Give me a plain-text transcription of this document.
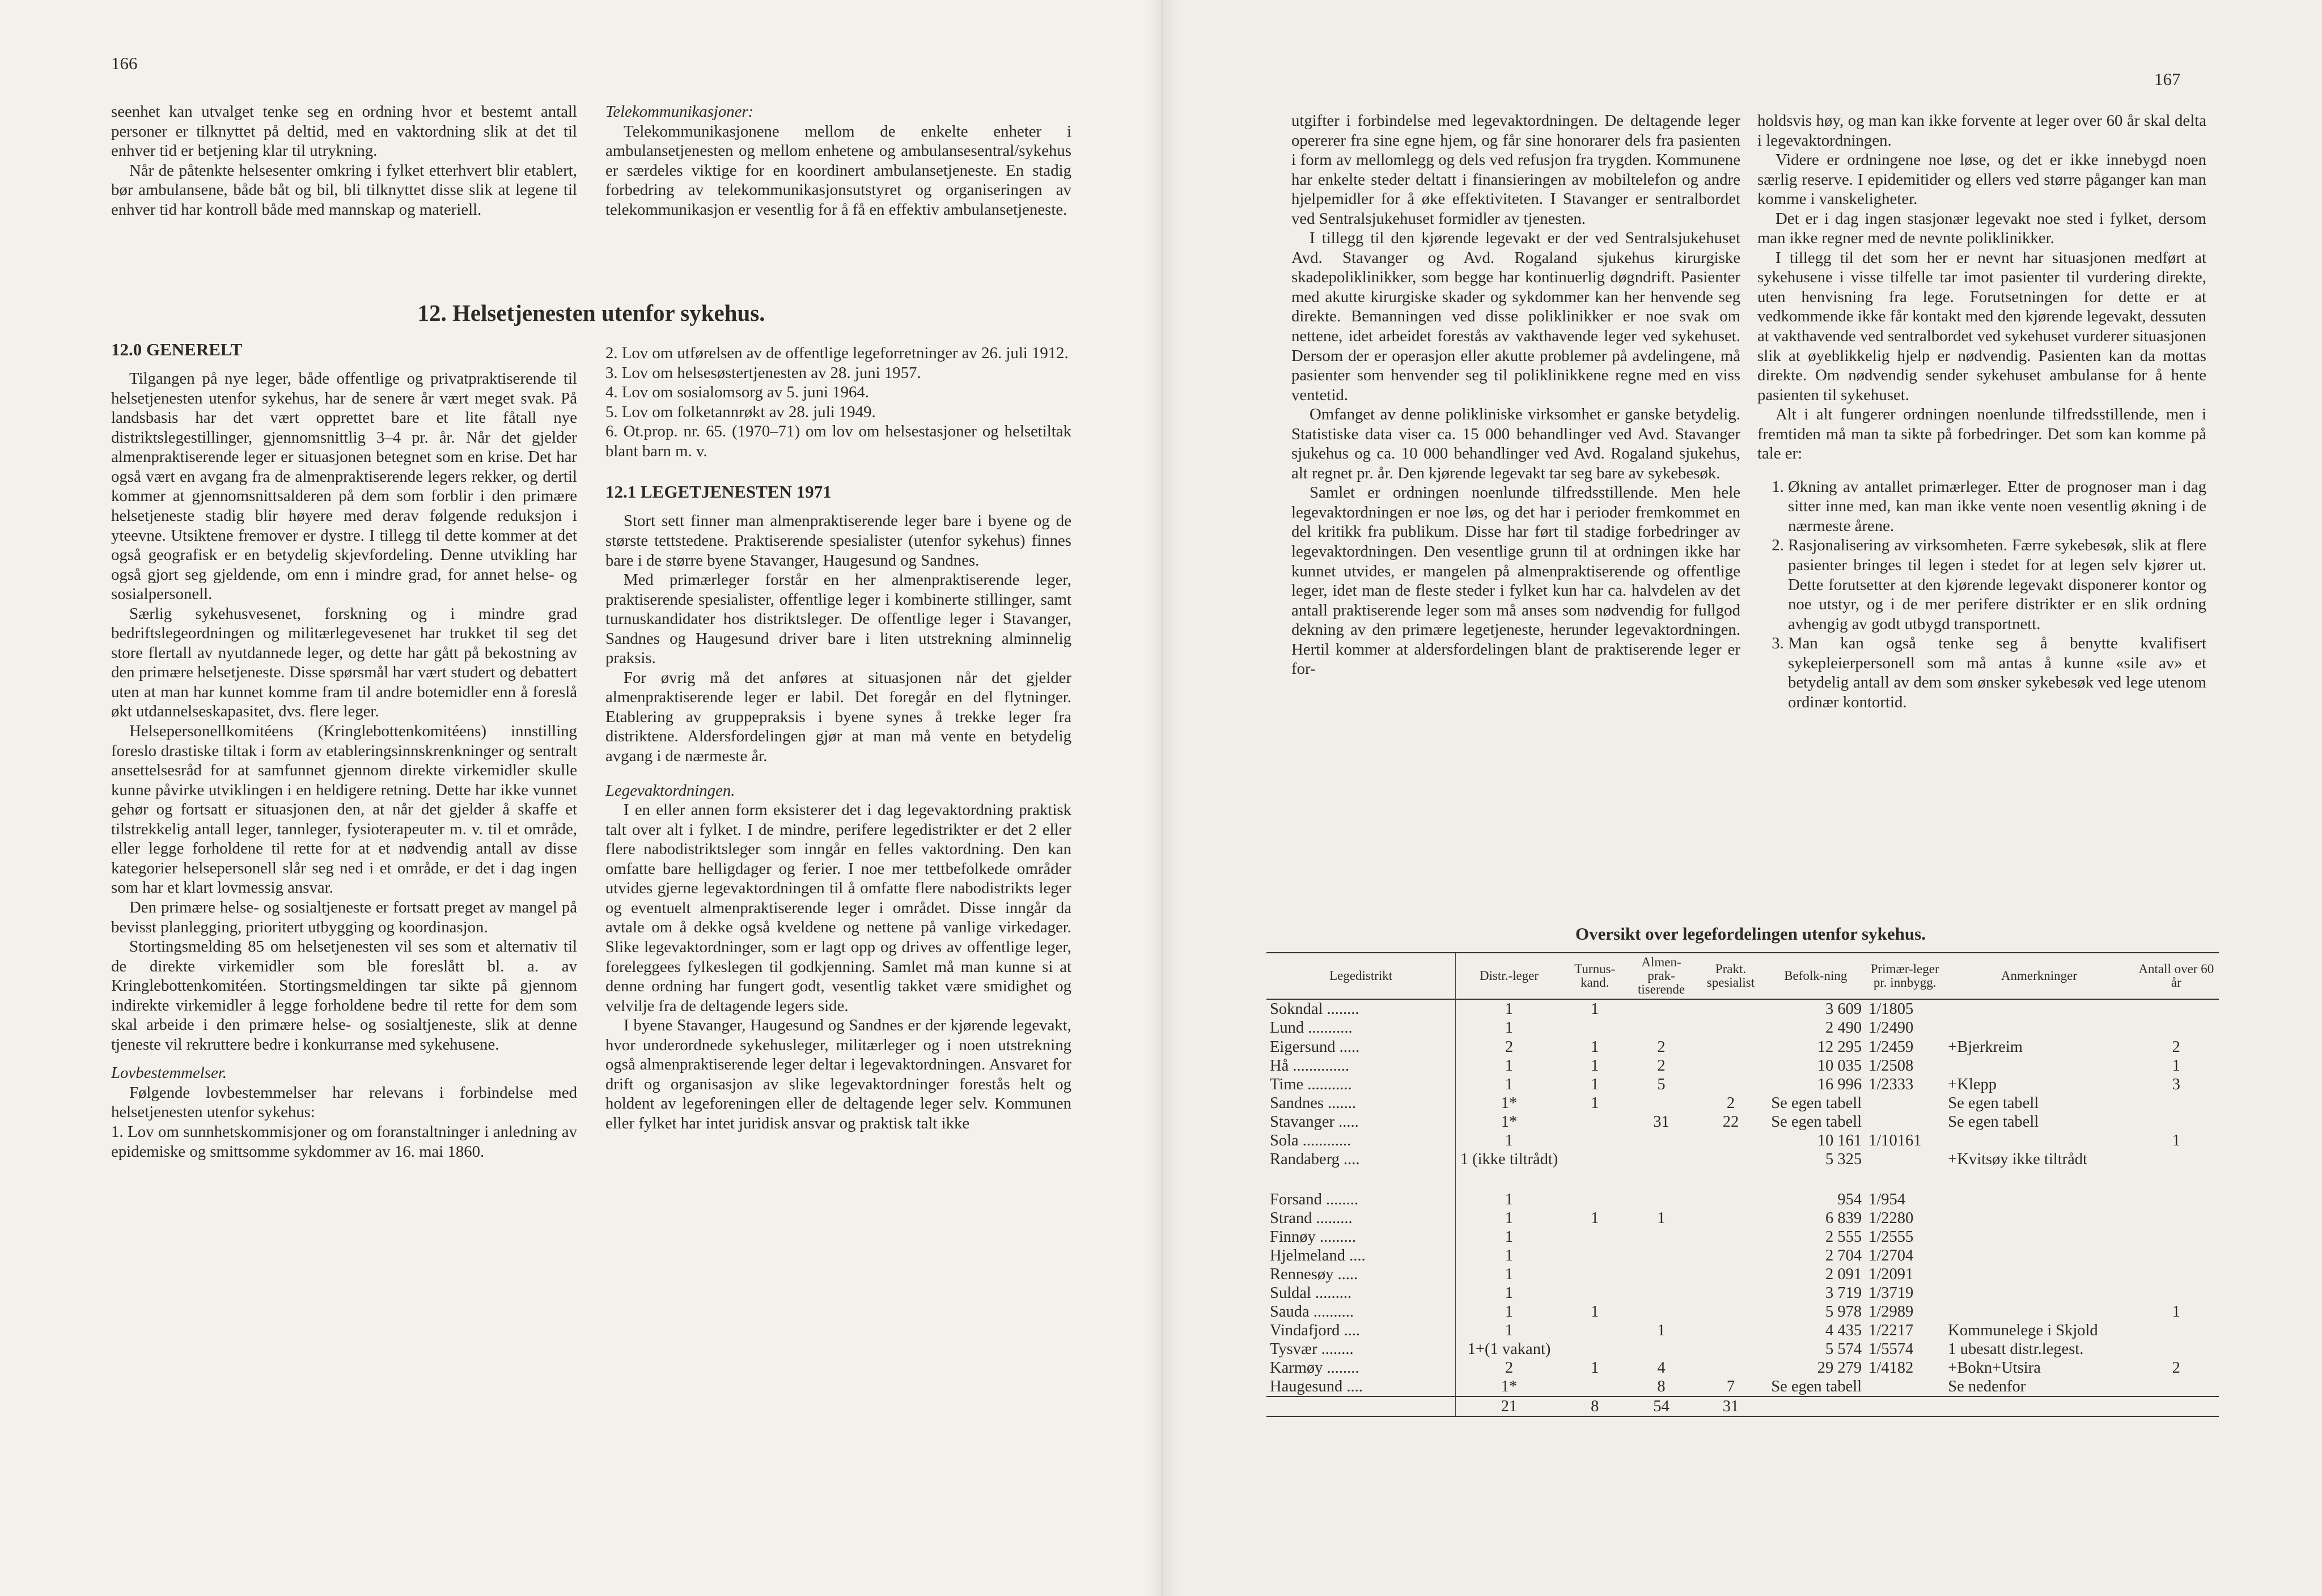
166

seenhet kan utvalget tenke seg en ordning hvor et bestemt antall personer er tilknyttet på deltid, med en vaktordning slik at det til enhver tid er betjening klar til utrykning.

Når de påtenkte helsesenter omkring i fylket etterhvert blir etablert, bør ambulansene, både båt og bil, bli tilknyttet disse slik at legene til enhver tid har kontroll både med mannskap og materiell.

Telekommunikasjoner:

Telekommunikasjonene mellom de enkelte enheter i ambulansetjenesten og mellom enhetene og ambulansesentral/sykehus er særdeles viktige for en koordinert ambulansetjeneste. En stadig forbedring av telekommunikasjonsutstyret og organiseringen av telekommunikasjon er vesentlig for å få en effektiv ambulansetjeneste.

12. Helsetjenesten utenfor sykehus.

12.0 GENERELT

Tilgangen på nye leger, både offentlige og privatpraktiserende til helsetjenesten utenfor sykehus, har de senere år vært meget svak. På landsbasis har det vært opprettet bare et lite fåtall nye distriktslegestillinger, gjennomsnittlig 3–4 pr. år. Når det gjelder almenpraktiserende leger er situasjonen betegnet som en krise. Det har også vært en avgang fra de almenpraktiserende legers rekker, og dertil kommer at gjennomsnittsalderen på dem som forblir i den primære helsetjeneste stadig blir høyere med derav følgende reduksjon i yteevne. Utsiktene fremover er dystre. I tillegg til dette kommer at det også geografisk er en betydelig skjevfordeling. Denne utvikling har også gjort seg gjeldende, om enn i mindre grad, for annet helse- og sosialpersonell.

Særlig sykehusvesenet, forskning og i mindre grad bedriftslegeordningen og militærlegevesenet har trukket til seg det store flertall av nyutdannede leger, og dette har gått på bekostning av den primære helsetjeneste. Disse spørsmål har vært studert og debattert uten at man har kunnet komme fram til andre botemidler enn å foreslå økt utdannelseskapasitet, dvs. flere leger.

Helsepersonellkomitéens (Kringlebottenkomitéens) innstilling foreslo drastiske tiltak i form av etableringsinnskrenkninger og sentralt ansettelsesråd for at samfunnet gjennom direkte virkemidler skulle kunne påvirke utviklingen i en heldigere retning. Dette har ikke vunnet gehør og fortsatt er situasjonen den, at når det gjelder å skaffe et tilstrekkelig antall leger, tannleger, fysioterapeuter m. v. til et område, eller legge forholdene til rette for at et nødvendig antall av disse kategorier helsepersonell slår seg ned i et område, er det i dag ingen som har et klart lovmessig ansvar.

Den primære helse- og sosialtjeneste er fortsatt preget av mangel på bevisst planlegging, prioritert utbygging og koordinasjon.

Stortingsmelding 85 om helsetjenesten vil ses som et alternativ til de direkte virkemidler som ble foreslått bl. a. av Kringlebottenkomitéen. Stortingsmeldingen tar sikte på gjennom indirekte virkemidler å legge forholdene bedre til rette for dem som skal arbeide i den primære helse- og sosialtjeneste, slik at denne tjeneste vil rekruttere bedre i konkurranse med sykehusene.

Lovbestemmelser.

Følgende lovbestemmelser har relevans i forbindelse med helsetjenesten utenfor sykehus:

1. Lov om sunnhetskommisjoner og om foranstaltninger i anledning av epidemiske og smittsomme sykdommer av 16. mai 1860.

2. Lov om utførelsen av de offentlige legeforretninger av 26. juli 1912.

3. Lov om helsesøstertjenesten av 28. juni 1957.

4. Lov om sosialomsorg av 5. juni 1964.

5. Lov om folketannrøkt av 28. juli 1949.

6. Ot.prop. nr. 65. (1970–71) om lov om helsestasjoner og helsetiltak blant barn m. v.

12.1 LEGETJENESTEN 1971

Stort sett finner man almenpraktiserende leger bare i byene og de største tettstedene. Praktiserende spesialister (utenfor sykehus) finnes bare i de større byene Stavanger, Haugesund og Sandnes.

Med primærleger forstår en her almenpraktiserende leger, praktiserende spesialister, offentlige leger i kombinerte stillinger, samt turnuskandidater hos distriktsleger. De offentlige leger i Stavanger, Sandnes og Haugesund driver bare i liten utstrekning alminnelig praksis.

For øvrig må det anføres at situasjonen når det gjelder almenpraktiserende leger er labil. Det foregår en del flytninger. Etablering av gruppepraksis i byene synes å trekke leger fra distriktene. Aldersfordelingen gjør at man må vente en betydelig avgang i de nærmeste år.

Legevaktordningen.

I en eller annen form eksisterer det i dag legevaktordning praktisk talt over alt i fylket. I de mindre, perifere legedistrikter er det 2 eller flere nabodistriktsleger som inngår en felles vaktordning. Den kan omfatte bare helligdager og ferier. I noe mer tettbefolkede områder utvides gjerne legevaktordningen til å omfatte flere nabodistrikts leger og eventuelt almenpraktiserende leger i området. Disse inngår da avtale om å dekke også kveldene og nettene på vanlige virkedager. Slike legevaktordninger, som er lagt opp og drives av offentlige leger, foreleggees fylkeslegen til godkjenning. Samlet må man kunne si at denne ordning har fungert godt, vesentlig takket være smidighet og velvilje fra de deltagende legers side.

I byene Stavanger, Haugesund og Sandnes er der kjørende legevakt, hvor underordnede sykehusleger, militærleger og i noen utstrekning også almenpraktiserende leger deltar i legevaktordningen. Ansvaret for drift og organisasjon av slike legevaktordninger forestås helt og holdent av legeforeningen eller de deltagende leger selv. Kommunen eller fylket har intet juridisk ansvar og praktisk talt ikke

167

utgifter i forbindelse med legevaktordningen. De deltagende leger opererer fra sine egne hjem, og får sine honorarer dels fra pasienten i form av mellomlegg og dels ved refusjon fra trygden. Kommunene har enkelte steder deltatt i finansieringen av mobiltelefon og andre hjelpemidler for å øke effektiviteten. I Stavanger er sentralbordet ved Sentralsjukehuset formidler av tjenesten.

I tillegg til den kjørende legevakt er der ved Sentralsjukehuset Avd. Stavanger og Avd. Rogaland sjukehus kirurgiske skadepoliklinikker, som begge har kontinuerlig døgndrift. Pasienter med akutte kirurgiske skader og sykdommer kan her henvende seg direkte. Bemanningen ved disse poliklinikker er noe svak om nettene, idet arbeidet forestås av vakthavende leger ved sykehuset. Dersom der er operasjon eller akutte problemer på avdelingene, må pasienter som henvender seg til poliklinikkene regne med en viss ventetid.

Omfanget av denne polikliniske virksomhet er ganske betydelig. Statistiske data viser ca. 15 000 behandlinger ved Avd. Stavanger sjukehus og ca. 10 000 behandlinger ved Avd. Rogaland sjukehus, alt regnet pr. år. Den kjørende legevakt tar seg bare av sykebesøk.

Samlet er ordningen noenlunde tilfredsstillende. Men hele legevaktordningen er noe løs, og det har i perioder fremkommet en del kritikk fra publikum. Disse har ført til stadige forbedringer av legevaktordningen. Den vesentlige grunn til at ordningen ikke har kunnet utvides, er mangelen på almenpraktiserende og offentlige leger, idet man de fleste steder i fylket kun har ca. halvdelen av det antall praktiserende leger som må anses som nødvendig for fullgod dekning av den primære legetjeneste, herunder legevaktordningen. Hertil kommer at aldersfordelingen blant de praktiserende leger er for-

holdsvis høy, og man kan ikke forvente at leger over 60 år skal delta i legevaktordningen.

Videre er ordningene noe løse, og det er ikke innebygd noen særlig reserve. I epidemitider og ellers ved større påganger kan man komme i vanskeligheter.

Det er i dag ingen stasjonær legevakt noe sted i fylket, dersom man ikke regner med de nevnte poliklinikker.

I tillegg til det som her er nevnt har situasjonen medført at sykehusene i visse tilfelle tar imot pasienter til vurdering direkte, uten henvisning fra lege. Forutsetningen for dette er at vedkommende ikke får kontakt med den kjørende legevakt, dessuten at vakthavende ved sentralbordet ved sykehuset vurderer situasjonen slik at øyeblikkelig hjelp er nødvendig. Pasienten kan da mottas direkte. Om nødvendig sender sykehuset ambulanse for å hente pasienten til sykehuset.

Alt i alt fungerer ordningen noenlunde tilfredsstillende, men i fremtiden må man ta sikte på forbedringer. Det som kan komme på tale er:

1. Økning av antallet primærleger. Etter de prognoser man i dag sitter inne med, kan man ikke vente noen vesentlig økning i de nærmeste årene.
2. Rasjonalisering av virksomheten. Færre sykebesøk, slik at flere pasienter bringes til legen i stedet for at legen selv kjører ut. Dette forutsetter at den kjørende legevakt disponerer kontor og noe utstyr, og i de mer perifere distrikter er en slik ordning avhengig av godt utbygd transportnett.
3. Man kan også tenke seg å benytte kvalifisert sykepleierpersonell som må antas å kunne «sile av» et betydelig antall av dem som ønsker sykebesøk ved lege utenom ordinær kontortid.
Oversikt over legefordelingen utenfor sykehus.
Legedistrikt	Distr.-leger	Turnus-kand.	Almen-prak-tiserende	Prakt. spesialist	Befolk-ning	Primær-leger pr. innbygg.	Anmerkninger	Antall over 60 år
Sokndal ........	1	1			3 609	1/1805		
Lund ...........	1				2 490	1/2490		
Eigersund .....	2	1	2		12 295	1/2459	+Bjerkreim	2
Hå ..............	1	1	2		10 035	1/2508		1
Time ...........	1	1	5		16 996	1/2333	+Klepp	3
Sandnes .......	1*	1		2	Se egen tabell		Se egen tabell	
Stavanger .....	1*		31	22	Se egen tabell		Se egen tabell	
Sola ............	1				10 161	1/10161		1
Randaberg ....	1 (ikke tiltrådt)				5 325		+Kvitsøy ikke tiltrådt	

Forsand ........	1				954	1/954		
Strand .........	1	1	1		6 839	1/2280		
Finnøy .........	1				2 555	1/2555		
Hjelmeland ....	1				2 704	1/2704		
Rennesøy .....	1				2 091	1/2091		
Suldal .........	1				3 719	1/3719		
Sauda ..........	1	1			5 978	1/2989		1
Vindafjord ....	1		1		4 435	1/2217	Kommunelege i Skjold	
Tysvær ........	1+(1 vakant)				5 574	1/5574	1 ubesatt distr.legest.	
Karmøy ........	2	1	4		29 279	1/4182	+Bokn+Utsira	2
Haugesund ....	1*		8	7	Se egen tabell		Se nedenfor	
	21	8	54	31				
